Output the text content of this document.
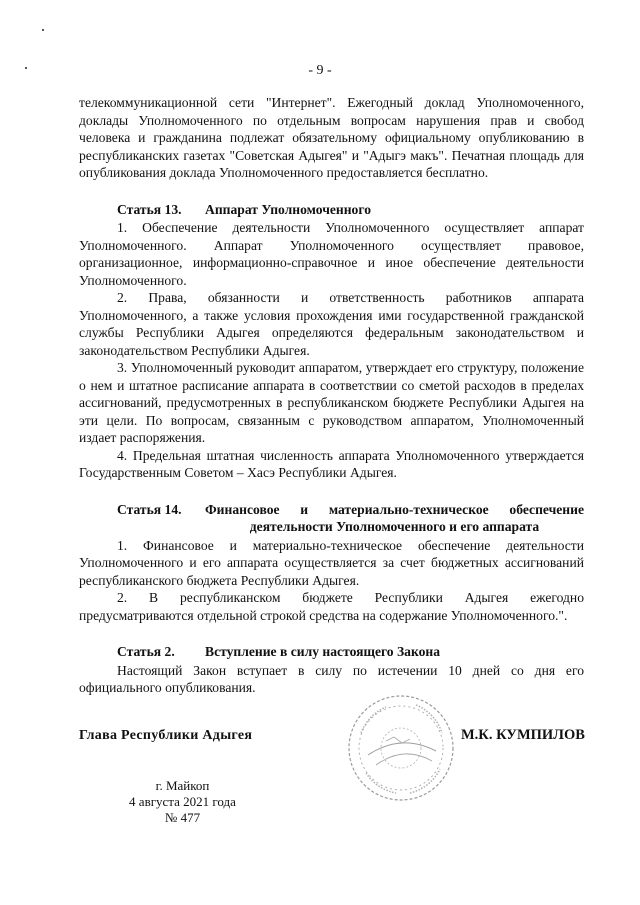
- 9 -

телекоммуникационной сети "Интернет". Ежегодный доклад Уполномоченного, доклады Уполномоченного по отдельным вопросам нарушения прав и свобод человека и гражданина подлежат обязательному официальному опубликованию в республиканских газетах "Советская Адыгея" и "Адыгэ макъ". Печатная площадь для опубликования доклада Уполномоченного предоставляется бесплатно.

Статья 13.	Аппарат Уполномоченного

1. Обеспечение деятельности Уполномоченного осуществляет аппарат Уполномоченного. Аппарат Уполномоченного осуществляет правовое, организационное, информационно-справочное и иное обеспечение деятельности Уполномоченного.

2. Права, обязанности и ответственность работников аппарата Уполномоченного, а также условия прохождения ими государственной гражданской службы Республики Адыгея определяются федеральным законодательством и законодательством Республики Адыгея.

3. Уполномоченный руководит аппаратом, утверждает его структуру, положение о нем и штатное расписание аппарата в соответствии со сметой расходов в пределах ассигнований, предусмотренных в республиканском бюджете Республики Адыгея на эти цели. По вопросам, связанным с руководством аппаратом, Уполномоченный издает распоряжения.

4. Предельная штатная численность аппарата Уполномоченного утверждается Государственным Советом – Хасэ Республики Адыгея.

Статья 14.	Финансовое и материально-техническое обеспечение деятельности Уполномоченного и его аппарата

1. Финансовое и материально-техническое обеспечение деятельности Уполномоченного и его аппарата осуществляется за счет бюджетных ассигнований республиканского бюджета Республики Адыгея.

2. В республиканском бюджете Республики Адыгея ежегодно предусматриваются отдельной строкой средства на содержание Уполномоченного.".

Статья 2.	Вступление в силу настоящего Закона

Настоящий Закон вступает в силу по истечении 10 дней со дня его официального опубликования.

Глава Республики Адыгея	М.К. КУМПИЛОВ
г. Майкоп
4 августа 2021 года
№ 477
